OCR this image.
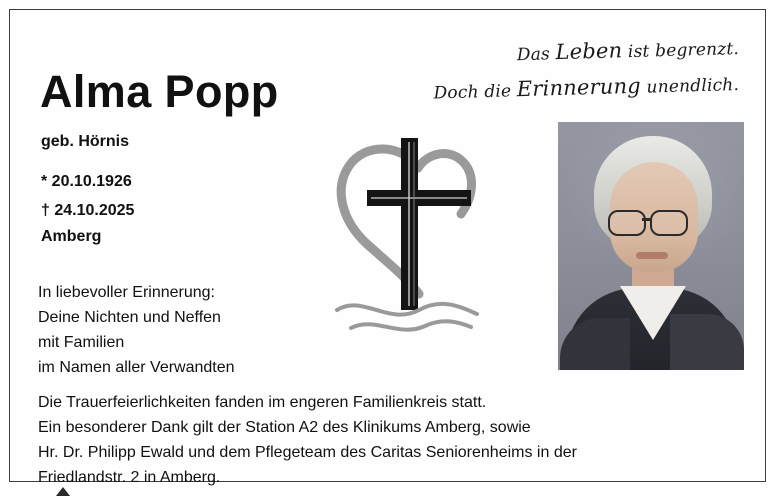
Das Leben ist begrenzt.
Doch die Erinnerung unendlich.
Alma Popp
geb. Hörnis
* 20.10.1926
† 24.10.2025
Amberg
In liebevoller Erinnerung:
Deine Nichten und Neffen
mit Familien
im Namen aller Verwandten
Die Trauerfeierlichkeiten fanden im engeren Familienkreis statt.
Ein besonderer Dank gilt der Station A2 des Klinikums Amberg, sowie
Hr. Dr. Philipp Ewald und dem Pflegeteam des Caritas Seniorenheims in der
Friedlandstr. 2 in Amberg.
